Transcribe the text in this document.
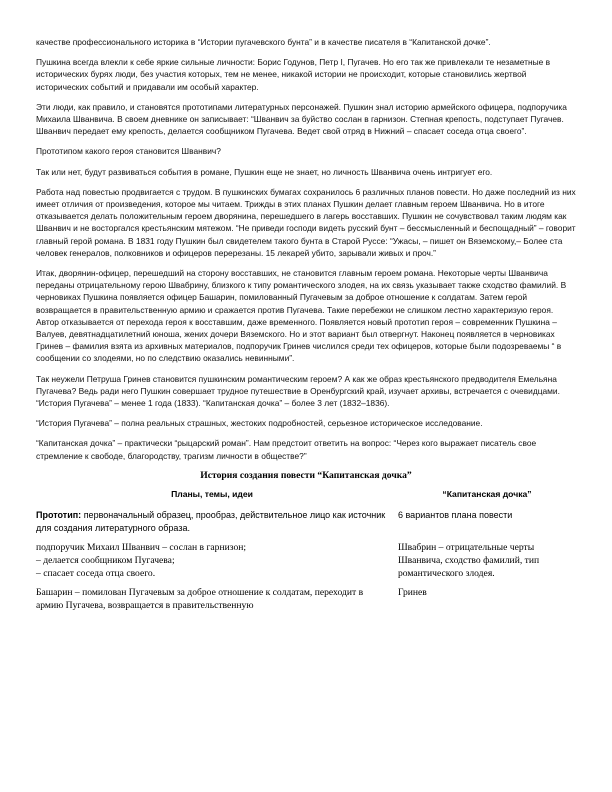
качестве профессионального историка в “Истории пугачевского бунта” и в качестве писателя в “Капитанской дочке”.

Пушкина всегда влекли к себе яркие сильные личности: Борис Годунов, Петр I, Пугачев. Но его так же привлекали те незаметные в исторических бурях люди, без участия которых, тем не менее, никакой истории не происходит, которые становились жертвой исторических событий и придавали им особый характер.

Эти люди, как правило, и становятся прототипами литературных персонажей. Пушкин знал историю армейского офицера, подпоручика Михаила Шванвича. В своем дневнике он записывает: “Шванвич за буйство сослан в гарнизон. Степная крепость, подступает Пугачев. Шванвич передает ему крепость, делается сообщником Пугачева. Ведет свой отряд в Нижний – спасает соседа отца своего”.

Прототипом какого героя становится Шванвич?

Так или нет, будут развиваться события в романе, Пушкин еще не знает, но личность Шванвича очень интригует его.

Работа над повестью продвигается с трудом. В пушкинских бумагах сохранилось 6 различных планов повести. Но даже последний из них имеет отличия от произведения, которое мы читаем. Трижды в этих планах Пушкин делает главным героем Шванвича. Но в итоге отказывается делать положительным героем дворянина, перешедшего в лагерь восставших. Пушкин не сочувствовал таким людям как Шванвич и не восторгался крестьянским мятежом. “Не приведи господи видеть русский бунт – бессмысленный и беспощадный” – говорит главный герой романа. В 1831 году Пушкин был свидетелем такого бунта в Старой Руссе: “Ужасы, – пишет он Вяземскому,– Более ста человек генералов, полковников и офицеров перерезаны. 15 лекарей убито, зарывали живых и проч.”

Итак, дворянин-офицер, перешедший на сторону восставших, не становится главным героем романа. Некоторые черты Шванвича переданы отрицательному герою Швабрину, близкого к типу романтического злодея, на их связь указывает также сходство фамилий. В черновиках Пушкина появляется офицер Башарин, помилованный Пугачевым за доброе отношение к солдатам. Затем герой возвращается в правительственную армию и сражается против Пугачева. Такие перебежки не слишком лестно характеризую героя. Автор отказывается от перехода героя к восставшим, даже временного. Появляется новый прототип героя – современник Пушкина – Валуев, девятнадцатилетний юноша, жених дочери Вяземского. Но и этот вариант был отвергнут. Наконец появляется в черновиках Гринев – фамилия взята из архивных материалов, подпоручик Гринев числился среди тех офицеров, которые были подозреваемы “ в сообщении со злодеями, но по следствию оказались невинными”.

Так неужели Петруша Гринев становится пушкинским романтическим героем? А как же образ крестьянского предводителя Емельяна Пугачева? Ведь ради него Пушкин совершает трудное путешествие в Оренбургский край, изучает архивы, встречается с очевидцами. “История Пугачева” – менее 1 года (1833). “Капитанская дочка” – более 3 лет (1832–1836).

“История Пугачева” – полна реальных страшных, жестоких подробностей, серьезное историческое исследование.

“Капитанская дочка” – практически “рыцарский роман”. Нам предстоит ответить на вопрос: “Через кого выражает писатель свое стремление к свободе, благородству, трагизм личности в обществе?”

История создания повести “Капитанская дочка”
Планы, темы, идеи	“Капитанская дочка”
Прототип: первоначальный образец, прообраз, действительное лицо как источник для создания литературного образа.	6 вариантов плана повести

подпоручик Михаил Шванвич – сослан в гарнизон;
– делается сообщником Пугачева;
– спасает соседа отца своего.	Швабрин – отрицательные черты Шванвича, сходство фамилий, тип романтического злодея.
Башарин – помилован Пугачевым за доброе отношение к солдатам, переходит в армию Пугачева, возвращается в правительственную	Гринев
